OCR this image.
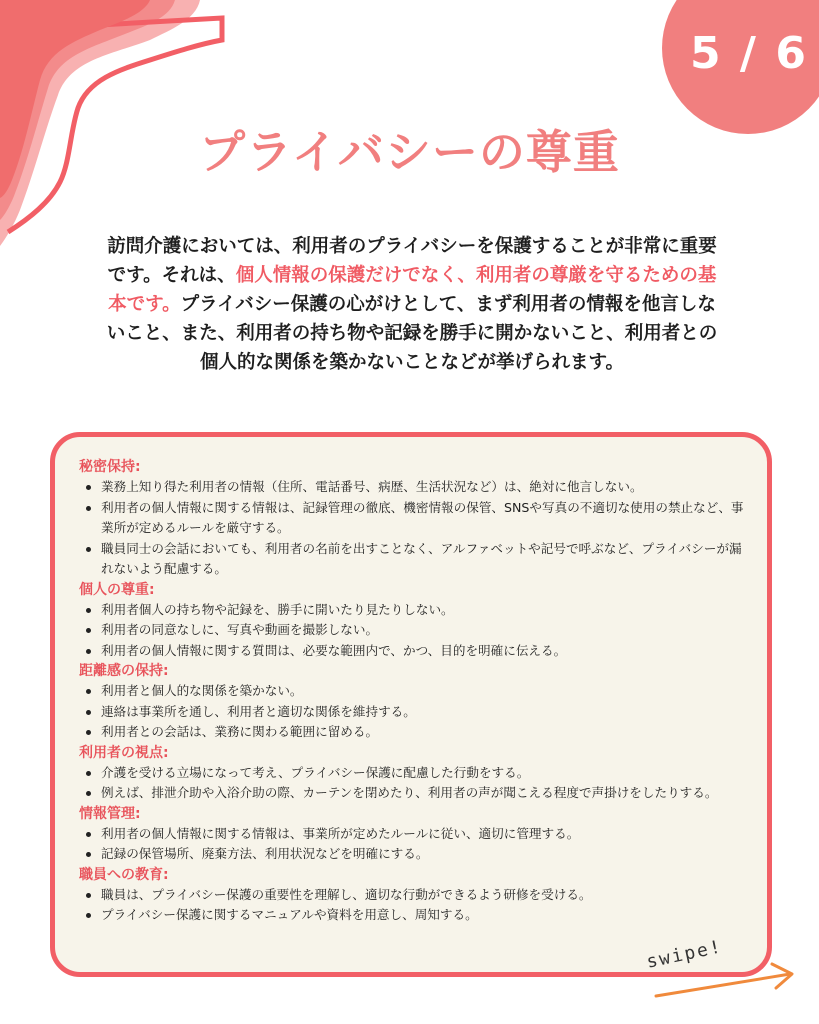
5 / 6
プライバシーの尊重

訪問介護においては、利用者のプライバシーを保護することが非常に重要です。それは、個人情報の保護だけでなく、利用者の尊厳を守るための基本です。プライバシー保護の心がけとして、まず利用者の情報を他言しないこと、また、利用者の持ち物や記録を勝手に開かないこと、利用者との個人的な関係を築かないことなどが挙げられます。

秘密保持:
業務上知り得た利用者の情報（住所、電話番号、病歴、生活状況など）は、絶対に他言しない。
利用者の個人情報に関する情報は、記録管理の徹底、機密情報の保管、SNSや写真の不適切な使用の禁止など、事業所が定めるルールを厳守する。
職員同士の会話においても、利用者の名前を出すことなく、アルファベットや記号で呼ぶなど、プライバシーが漏れないよう配慮する。
個人の尊重:
利用者個人の持ち物や記録を、勝手に開いたり見たりしない。
利用者の同意なしに、写真や動画を撮影しない。
利用者の個人情報に関する質問は、必要な範囲内で、かつ、目的を明確に伝える。
距離感の保持:
利用者と個人的な関係を築かない。
連絡は事業所を通し、利用者と適切な関係を維持する。
利用者との会話は、業務に関わる範囲に留める。
利用者の視点:
介護を受ける立場になって考え、プライバシー保護に配慮した行動をする。
例えば、排泄介助や入浴介助の際、カーテンを閉めたり、利用者の声が聞こえる程度で声掛けをしたりする。
情報管理:
利用者の個人情報に関する情報は、事業所が定めたルールに従い、適切に管理する。
記録の保管場所、廃棄方法、利用状況などを明確にする。
職員への教育:
職員は、プライバシー保護の重要性を理解し、適切な行動ができるよう研修を受ける。
プライバシー保護に関するマニュアルや資料を用意し、周知する。
swipe!
